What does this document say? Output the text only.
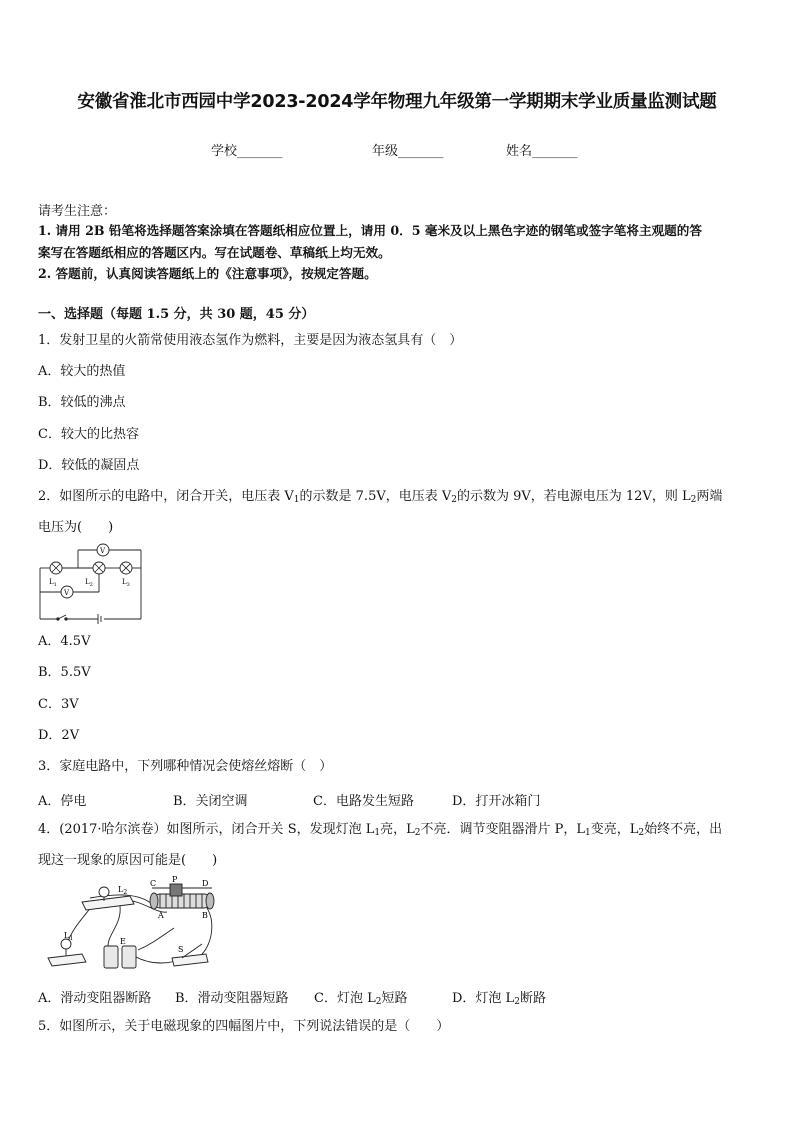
安徽省淮北市西园中学2023-2024学年物理九年级第一学期期末学业质量监测试题
学校_______	年级_______	姓名_______
请考生注意：
1. 请用 2B 铅笔将选择题答案涂填在答题纸相应位置上，请用 0．5 毫米及以上黑色字迹的钢笔或签字笔将主观题的答
案写在答题纸相应的答题区内。写在试题卷、草稿纸上均无效。
2. 答题前，认真阅读答题纸上的《注意事项》，按规定答题。
一、选择题（每题 1.5 分，共 30 题，45 分）
1．发射卫星的火箭常使用液态氢作为燃料，主要是因为液态氢具有（　）
A．较大的热值
B．较低的沸点
C．较大的比热容
D．较低的凝固点
2．如图所示的电路中，闭合开关，电压表 $V_1$的示数是 7.5V，电压表 $V_2$的示数为 9V，若电源电压为 12V，则 $L_2$两端
电压为(　　)
V
V
$L_1$	$L_2$	$L_3$
A．4.5V
B．5.5V
C．3V
D．2V
3．家庭电路中，下列哪种情况会使熔丝熔断（　）
A．停电	B．关闭空调	C．电路发生短路	D．打开冰箱门
4．(2017·哈尔滨卷）如图所示，闭合开关 S，发现灯泡 $L_1$亮，$L_2$不亮．调节变阻器滑片 P，$L_1$变亮，$L_2$始终不亮，出
现这一现象的原因可能是(　　)
$L_2$
$L_1$
C P	D
A	B
E
S
A．滑动变阻器断路 B．滑动变阻器短路 C．灯泡 $L_2$短路	D．灯泡 $L_2$断路
5．如图所示，关于电磁现象的四幅图片中，下列说法错误的是（　　）
